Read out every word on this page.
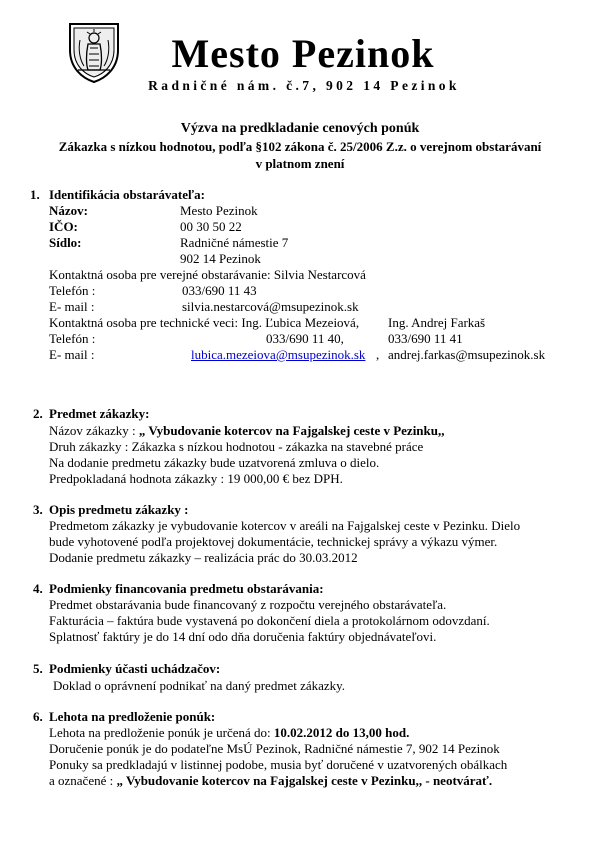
Mesto Pezinok
Radničné nám. č.7, 902 14 Pezinok
Výzva na predkladanie cenových ponúk
Zákazka s nízkou hodnotou, podľa §102 zákona č. 25/2006 Z.z. o verejnom obstarávaní
v platnom znení
1. Identifikácia obstarávateľa:
Názov:	Mesto Pezinok
IČO:	00 30 50 22
Sídlo:	Radničné námestie 7
902 14 Pezinok
Kontaktná osoba pre verejné obstarávanie: Silvia Nestarcová
Telefón :	033/690 11 43
E- mail :	silvia.nestarcová@msupezinok.sk
Kontaktná osoba pre technické veci: Ing. Ľubica Mezeiová, Ing. Andrej Farkaš
Telefón :	033/690 11 40,	033/690 11 41
E- mail :	lubica.mezeiova@msupezinok.sk , andrej.farkas@msupezinok.sk
2. Predmet zákazky:
Názov zákazky : „ Vybudovanie kotercov na Fajgalskej ceste v Pezinku,,
Druh zákazky : Zákazka s nízkou hodnotou - zákazka na stavebné práce
Na dodanie predmetu zákazky bude uzatvorená zmluva o dielo.
Predpokladaná hodnota zákazky : 19 000,00 € bez DPH.
3. Opis predmetu zákazky :
Predmetom zákazky je vybudovanie kotercov v areáli na Fajgalskej ceste v Pezinku. Dielo
bude vyhotovené podľa projektovej dokumentácie, technickej správy a výkazu výmer.
Dodanie predmetu zákazky – realizácia prác do 30.03.2012
4. Podmienky financovania predmetu obstarávania:
Predmet obstarávania bude financovaný z rozpočtu verejného obstarávateľa.
Fakturácia – faktúra bude vystavená po dokončení diela a protokolárnom odovzdaní.
Splatnosť faktúry je do 14 dní odo dňa doručenia faktúry objednávateľovi.
5. Podmienky účasti uchádzačov:
Doklad o oprávnení podnikať na daný predmet zákazky.
6. Lehota na predloženie ponúk:
Lehota na predloženie ponúk je určená do: 10.02.2012 do 13,00 hod.
Doručenie ponúk je do podateľne MsÚ Pezinok, Radničné námestie 7, 902 14 Pezinok
Ponuky sa predkladajú v listinnej podobe, musia byť doručené v uzatvorených obálkach
a označené : „ Vybudovanie kotercov na Fajgalskej ceste v Pezinku,, - neotvárať.
